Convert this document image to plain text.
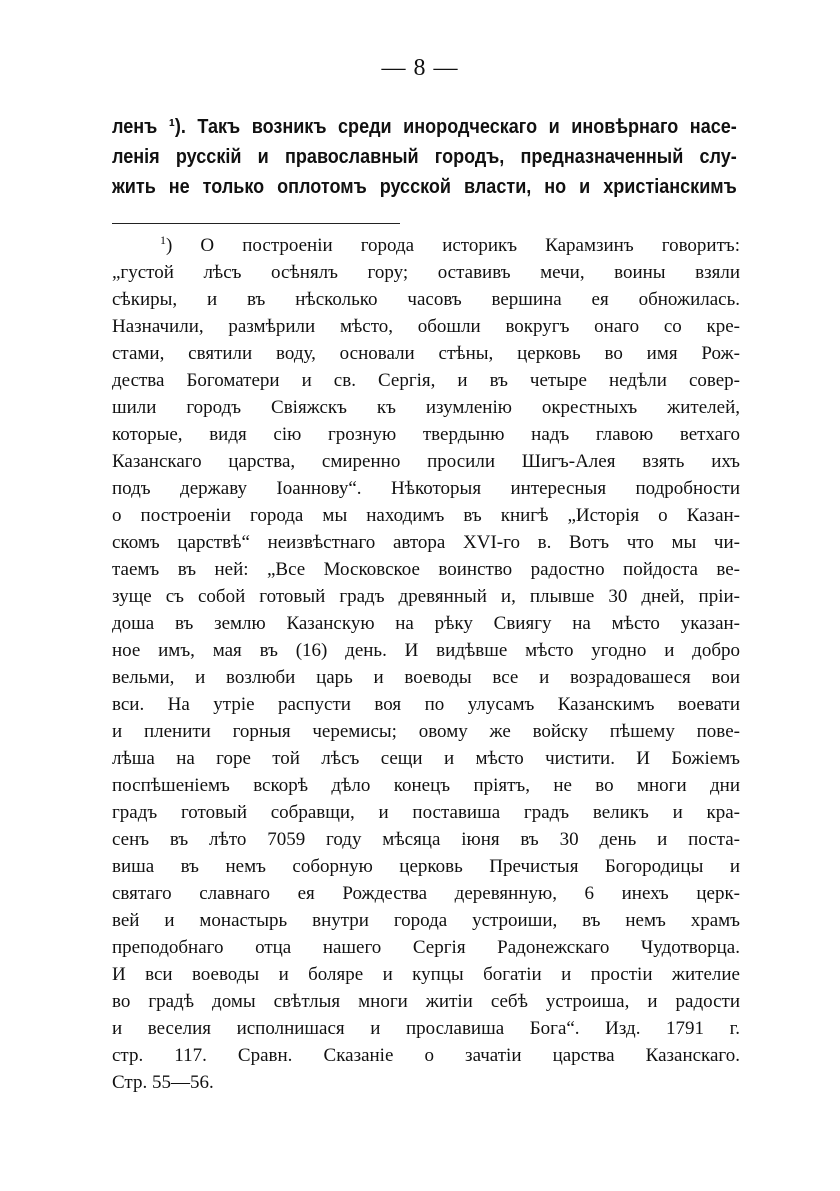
— 8 —
ленъ ¹). Такъ возникъ среди инородческаго и иновѣрнаго насе-
ленія русскій и православный городъ, предназначенный слу-
жить не только оплотомъ русской власти, но и христіанскимъ
$^1$) О построеніи города историкъ Карамзинъ говоритъ:
„густой лѣсъ осѣнялъ гору; оставивъ мечи, воины взяли
сѣкиры, и въ нѣсколько часовъ вершина ея обножилась.
Назначили, размѣрили мѣсто, обошли вокругъ онаго со кре-
стами, святили воду, основали стѣны, церковь во имя Рож-
дества Богоматери и св. Сергія, и въ четыре недѣли совер-
шили городъ Свіяжскъ къ изумленію окрестныхъ жителей,
которые, видя сію грозную твердыню надъ главою ветхаго
Казанскаго царства, смиренно просили Шигъ-Алея взять ихъ
подъ державу Іоаннову“. Нѣкоторыя интересныя подробности
о построеніи города мы находимъ въ книгѣ „Исторія о Казан-
скомъ царствѣ“ неизвѣстнаго автора XVI-го в. Вотъ что мы чи-
таемъ въ ней: „Все Московское воинство радостно пойдоста ве-
зуще съ собой готовый градъ древянный и, плывше 30 дней, пріи-
доша въ землю Казанскую на рѣку Свиягу на мѣсто указан-
ное имъ, мая въ (16) день. И видѣвше мѣсто угодно и добро
вельми, и возлюби царь и воеводы все и возрадовашеся вои
вси. На утріе распусти воя по улусамъ Казанскимъ воевати
и пленити горныя черемисы; овому же войску пѣшему повe-
лѣша на горе той лѣсъ сещи и мѣсто чистити. И Божіемъ
поспѣшеніемъ вскорѣ дѣло конецъ пріятъ, не во многи дни
градъ готовый собравщи, и поставиша градъ великъ и кра-
сенъ въ лѣто 7059 году мѣсяца іюня въ 30 день и поста-
виша въ немъ соборную церковь Пречистыя Богородицы и
святаго славнаго ея Рождества деревянную, 6 инехъ церк-
вей и монастырь внутри города устроиши, въ немъ храмъ
преподобнаго отца нашего Сергія Радонежскаго Чудотворца.
И вси воеводы и боляре и купцы богатіи и простіи жителие
во градѣ домы свѣтлыя многи житіи себѣ устроиша, и радости
и веселия исполнишася и прославиша Бога“. Изд. 1791 г.
стр. 117. Сравн. Сказаніе о зачатіи царства Казанскаго.
Стр. 55—56.
